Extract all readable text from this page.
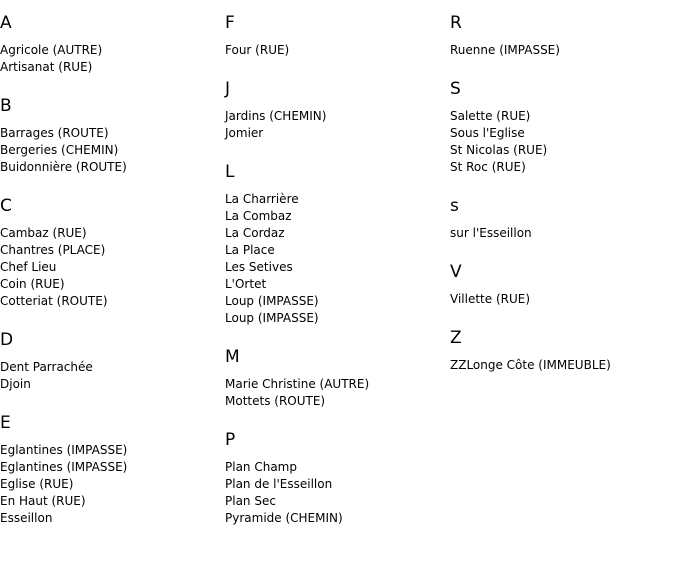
A
Agricole (AUTRE)
Artisanat (RUE)
B
Barrages (ROUTE)
Bergeries (CHEMIN)
Buidonnière (ROUTE)
C
Cambaz (RUE)
Chantres (PLACE)
Chef Lieu
Coin (RUE)
Cotteriat (ROUTE)
D
Dent Parrachée
Djoin
E
Eglantines (IMPASSE)
Eglantines (IMPASSE)
Eglise (RUE)
En Haut (RUE)
Esseillon
F
Four (RUE)
J
Jardins (CHEMIN)
Jomier
L
La Charrière
La Combaz
La Cordaz
La Place
Les Setives
L'Ortet
Loup (IMPASSE)
Loup (IMPASSE)
M
Marie Christine (AUTRE)
Mottets (ROUTE)
P
Plan Champ
Plan de l'Esseillon
Plan Sec
Pyramide (CHEMIN)
R
Ruenne (IMPASSE)
S
Salette (RUE)
Sous l'Eglise
St Nicolas (RUE)
St Roc (RUE)
s
sur l'Esseillon
V
Villette (RUE)
Z
ZZLonge Côte (IMMEUBLE)
